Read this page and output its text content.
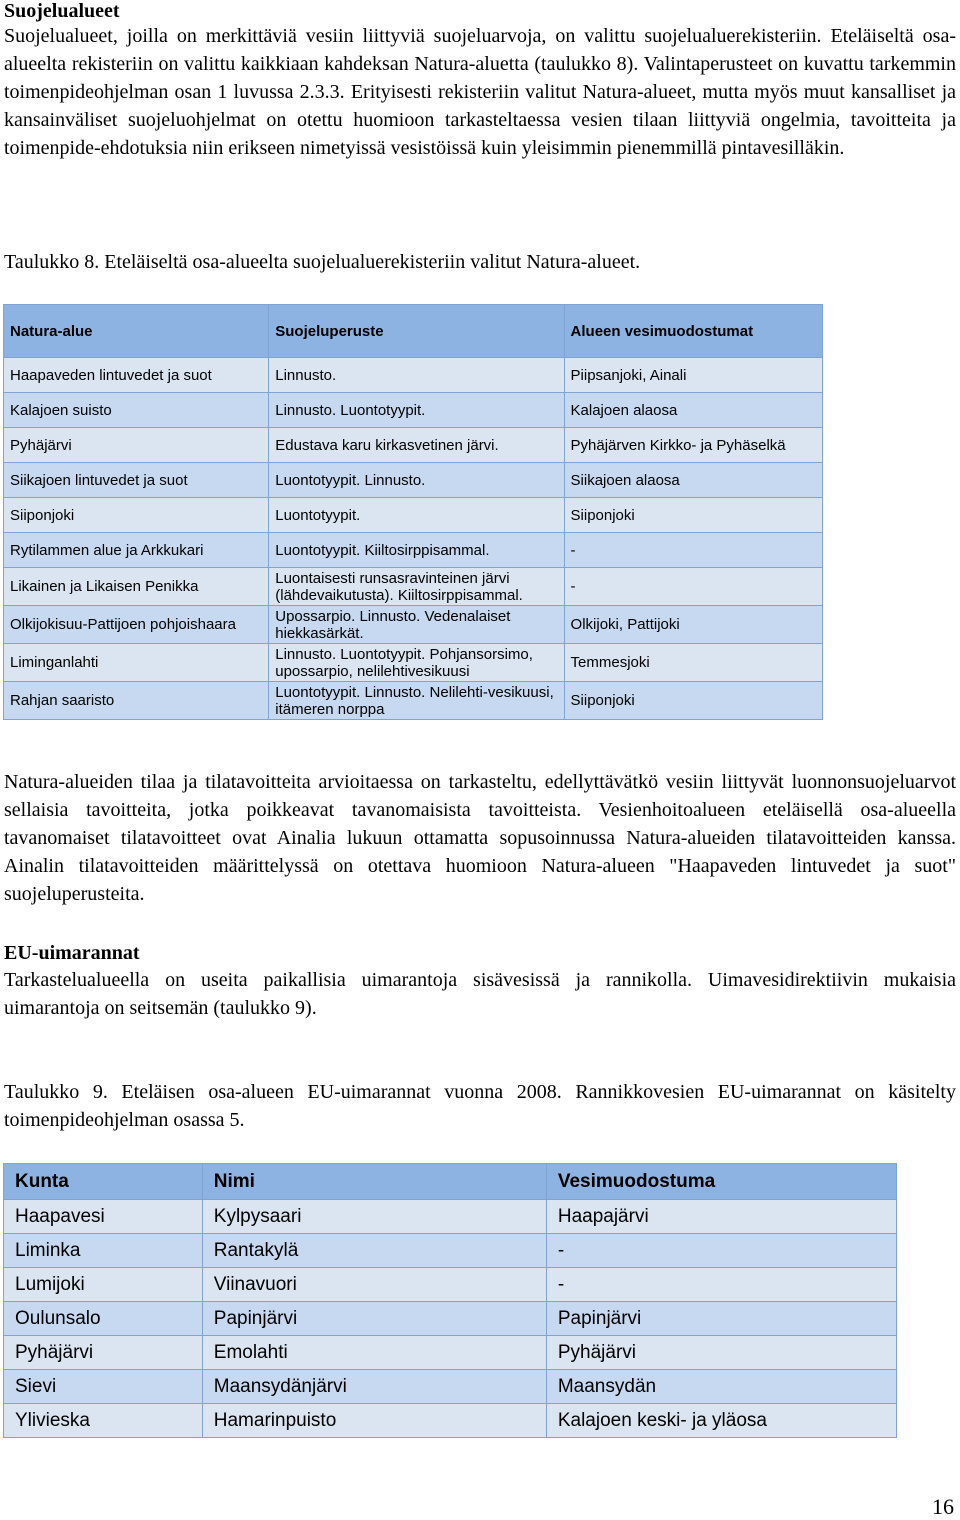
Suojelualueet
Suojelualueet, joilla on merkittäviä vesiin liittyviä suojeluarvoja, on valittu suojelualuerekisteriin. Eteläiseltä osa-alueelta rekisteriin on valittu kaikkiaan kahdeksan Natura-aluetta (taulukko 8). Valintaperusteet on kuvattu tarkemmin toimenpideohjelman osan 1 luvussa 2.3.3. Erityisesti rekisteriin valitut Natura-alueet, mutta myös muut kansalliset ja kansainväliset suojeluohjelmat on otettu huomioon tarkasteltaessa vesien tilaan liittyviä ongelmia, tavoitteita ja toimenpide-ehdotuksia niin erikseen nimetyissä vesistöissä kuin yleisimmin pienemmillä pintavesilläkin.
Taulukko 8. Eteläiseltä osa-alueelta suojelualuerekisteriin valitut Natura-alueet.
Natura-alue	Suojeluperuste	Alueen vesimuodostumat
Haapaveden lintuvedet ja suot	Linnusto.	Piipsanjoki, Ainali
Kalajoen suisto	Linnusto. Luontotyypit.	Kalajoen alaosa
Pyhäjärvi	Edustava karu kirkasvetinen järvi.	Pyhäjärven Kirkko- ja Pyhäselkä
Siikajoen lintuvedet ja suot	Luontotyypit. Linnusto.	Siikajoen alaosa
Siiponjoki	Luontotyypit.	Siiponjoki
Rytilammen alue ja Arkkukari	Luontotyypit. Kiiltosirppisammal.	-
Likainen ja Likaisen Penikka	Luontaisesti runsasravinteinen järvi (lähdevaikutusta). Kiiltosirppisammal.	-
Olkijokisuu-Pattijoen pohjoishaara	Upossarpio. Linnusto. Vedenalaiset hiekkasärkät.	Olkijoki, Pattijoki
Liminganlahti	Linnusto. Luontotyypit. Pohjansorsimo, upossarpio, nelilehtivesikuusi	Temmesjoki
Rahjan saaristo	Luontotyypit. Linnusto. Nelilehti-vesikuusi, itämeren norppa	Siiponjoki
Natura-alueiden tilaa ja tilatavoitteita arvioitaessa on tarkasteltu, edellyttävätkö vesiin liittyvät luonnonsuojeluarvot sellaisia tavoitteita, jotka poikkeavat tavanomaisista tavoitteista. Vesienhoitoalueen eteläisellä osa-alueella tavanomaiset tilatavoitteet ovat Ainalia lukuun ottamatta sopusoinnussa Natura-alueiden tilatavoitteiden kanssa. Ainalin tilatavoitteiden määrittelyssä on otettava huomioon Natura-alueen "Haapaveden lintuvedet ja suot" suojeluperusteita.
EU-uimarannat
Tarkastelualueella on useita paikallisia uimarantoja sisävesissä ja rannikolla. Uimavesidirektiivin mukaisia uimarantoja on seitsemän (taulukko 9).
Taulukko 9. Eteläisen osa-alueen EU-uimarannat vuonna 2008. Rannikkovesien EU-uimarannat on käsitelty toimenpideohjelman osassa 5.
Kunta	Nimi	Vesimuodostuma
Haapavesi	Kylpysaari	Haapajärvi
Liminka	Rantakylä	-
Lumijoki	Viinavuori	-
Oulunsalo	Papinjärvi	Papinjärvi
Pyhäjärvi	Emolahti	Pyhäjärvi
Sievi	Maansydänjärvi	Maansydän
Ylivieska	Hamarinpuisto	Kalajoen keski- ja yläosa
16
